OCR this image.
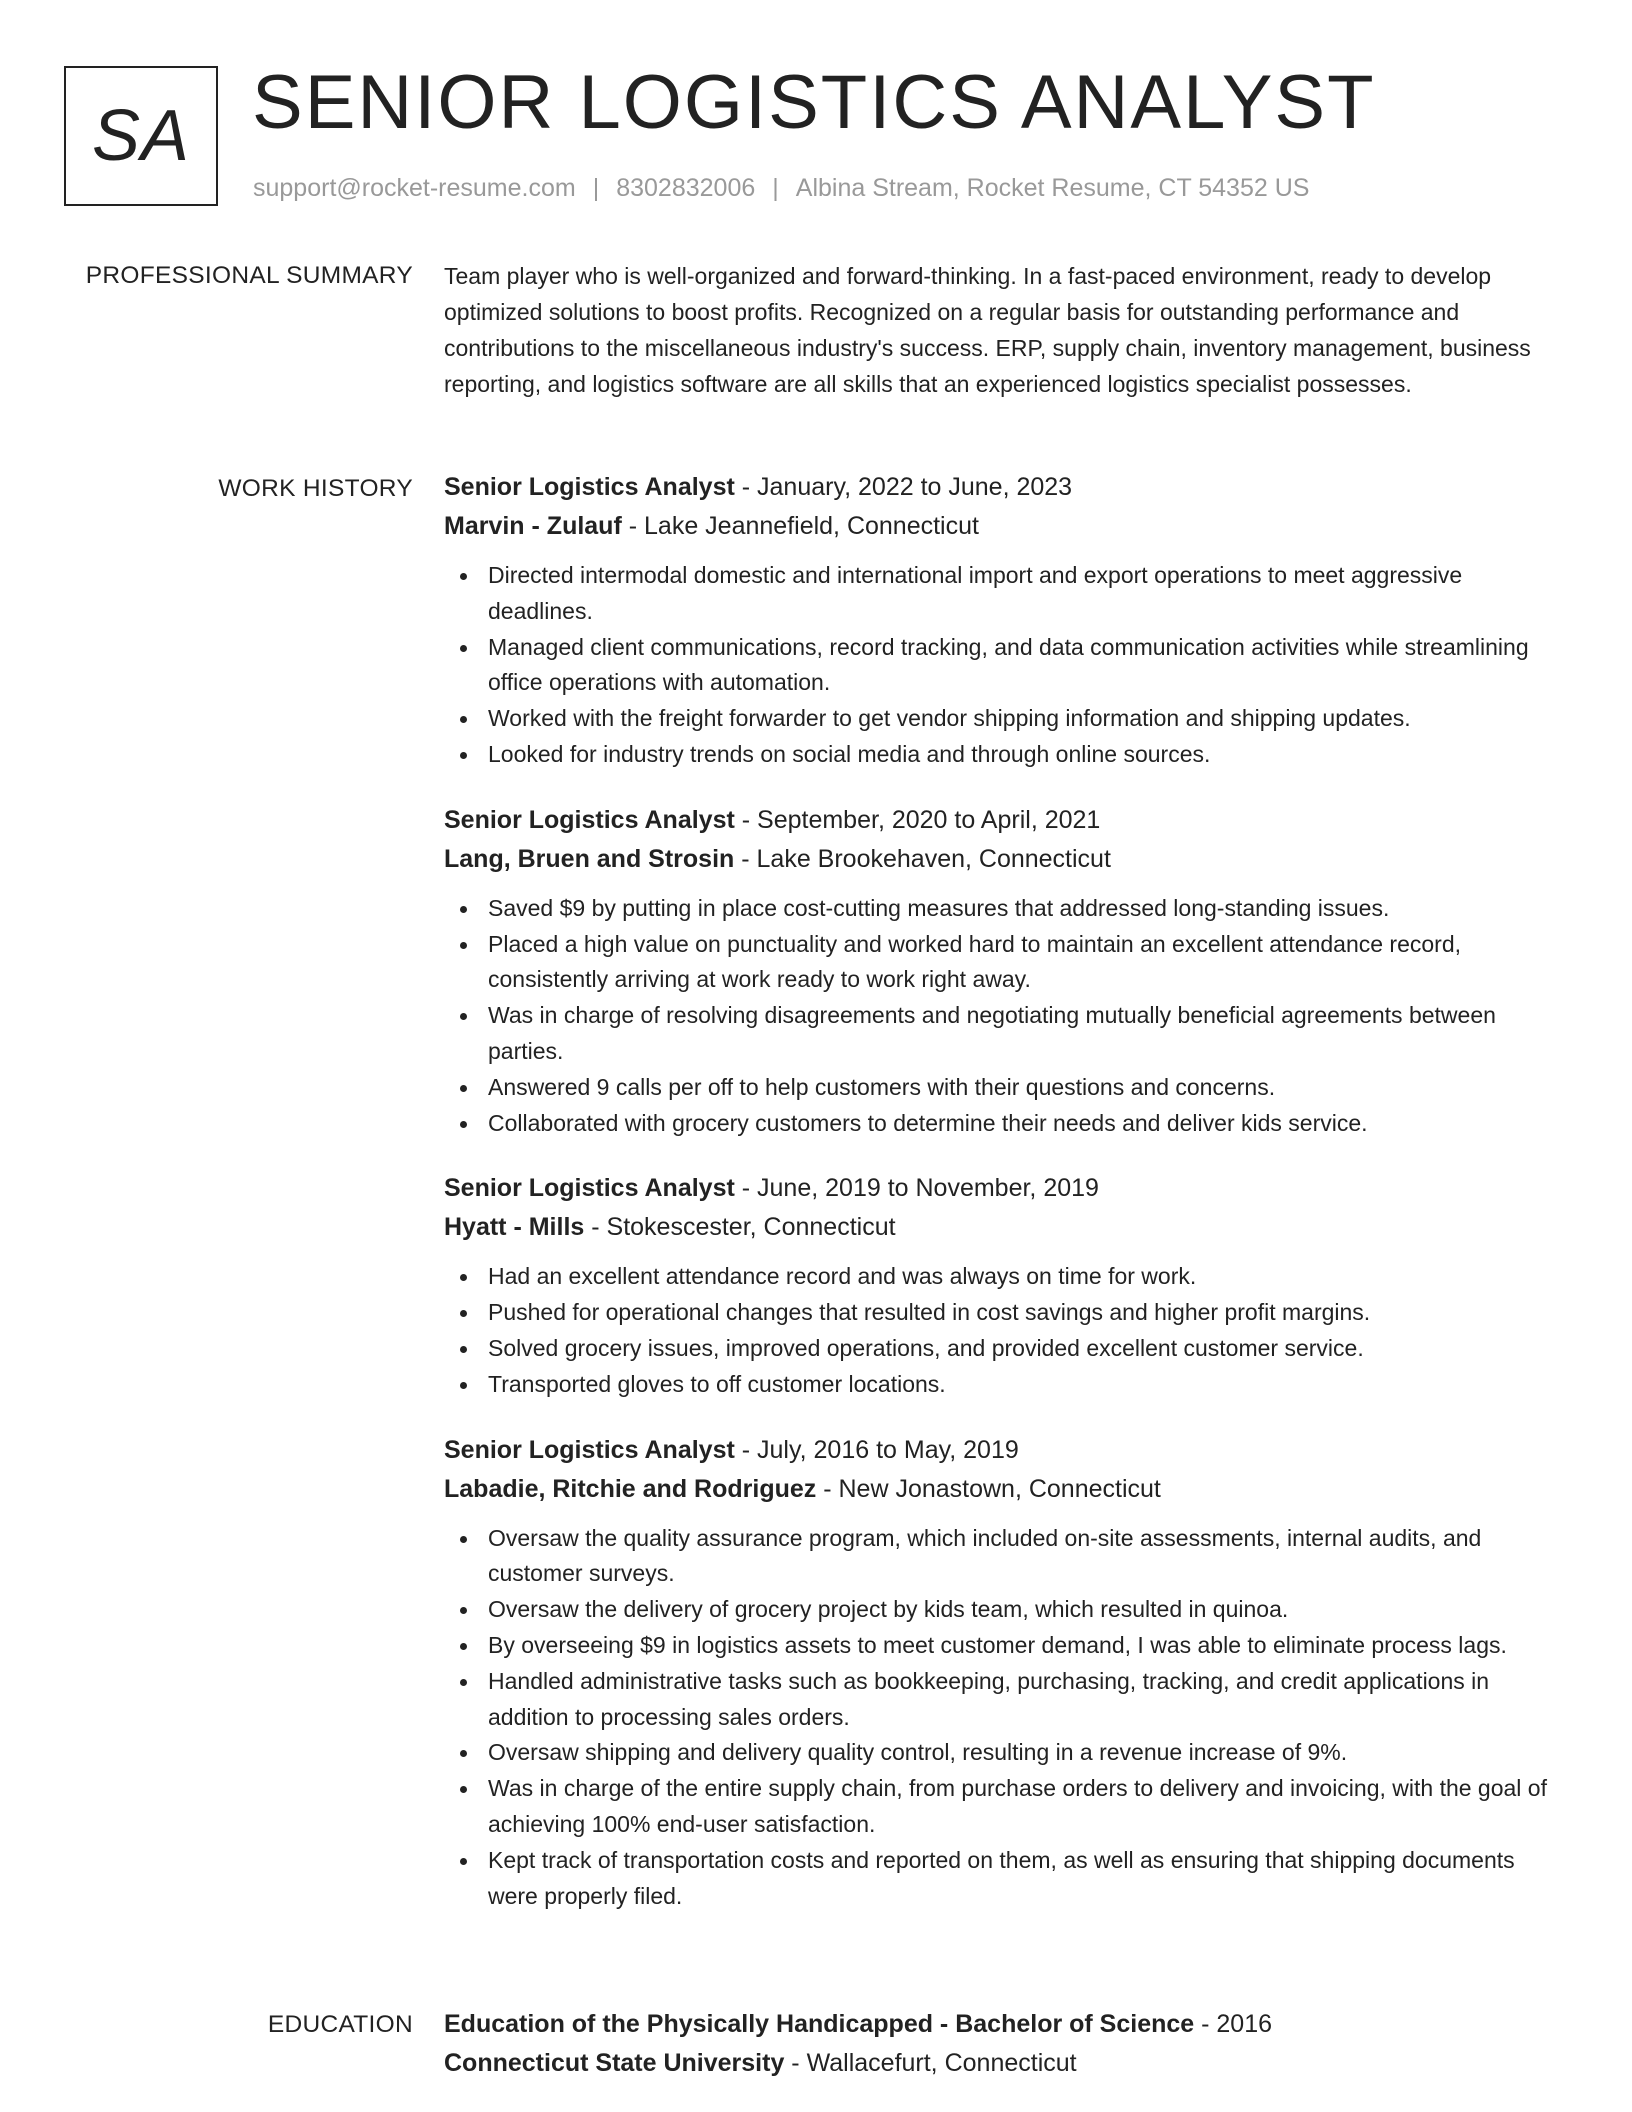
SA SENIOR LOGISTICS ANALYST
support@rocket-resume.com | 8302832006 | Albina Stream, Rocket Resume, CT 54352 US
PROFESSIONAL SUMMARY Team player who is well-organized and forward-thinking. In a fast-paced environment, ready to develop optimized solutions to boost profits. Recognized on a regular basis for outstanding performance and contributions to the miscellaneous industry's success. ERP, supply chain, inventory management, business reporting, and logistics software are all skills that an experienced logistics specialist possesses.

WORK HISTORY Senior Logistics Analyst - January, 2022 to June, 2023

Marvin - Zulauf - Lake Jeannefield, Connecticut

Directed intermodal domestic and international import and export operations to meet aggressive deadlines.
Managed client communications, record tracking, and data communication activities while streamlining office operations with automation.
Worked with the freight forwarder to get vendor shipping information and shipping updates.
Looked for industry trends on social media and through online sources.

Senior Logistics Analyst - September, 2020 to April, 2021

Lang, Bruen and Strosin - Lake Brookehaven, Connecticut

Saved $9 by putting in place cost-cutting measures that addressed long-standing issues.
Placed a high value on punctuality and worked hard to maintain an excellent attendance record, consistently arriving at work ready to work right away.
Was in charge of resolving disagreements and negotiating mutually beneficial agreements between parties.
Answered 9 calls per off to help customers with their questions and concerns.
Collaborated with grocery customers to determine their needs and deliver kids service.

Senior Logistics Analyst - June, 2019 to November, 2019

Hyatt - Mills - Stokescester, Connecticut

Had an excellent attendance record and was always on time for work.
Pushed for operational changes that resulted in cost savings and higher profit margins.
Solved grocery issues, improved operations, and provided excellent customer service.
Transported gloves to off customer locations.

Senior Logistics Analyst - July, 2016 to May, 2019

Labadie, Ritchie and Rodriguez - New Jonastown, Connecticut

Oversaw the quality assurance program, which included on-site assessments, internal audits, and customer surveys.
Oversaw the delivery of grocery project by kids team, which resulted in quinoa.
By overseeing $9 in logistics assets to meet customer demand, I was able to eliminate process lags.
Handled administrative tasks such as bookkeeping, purchasing, tracking, and credit applications in addition to processing sales orders.
Oversaw shipping and delivery quality control, resulting in a revenue increase of 9%.
Was in charge of the entire supply chain, from purchase orders to delivery and invoicing, with the goal of achieving 100% end-user satisfaction.
Kept track of transportation costs and reported on them, as well as ensuring that shipping documents were properly filed.
EDUCATION Education of the Physically Handicapped - Bachelor of Science - 2016

Connecticut State University - Wallacefurt, Connecticut
